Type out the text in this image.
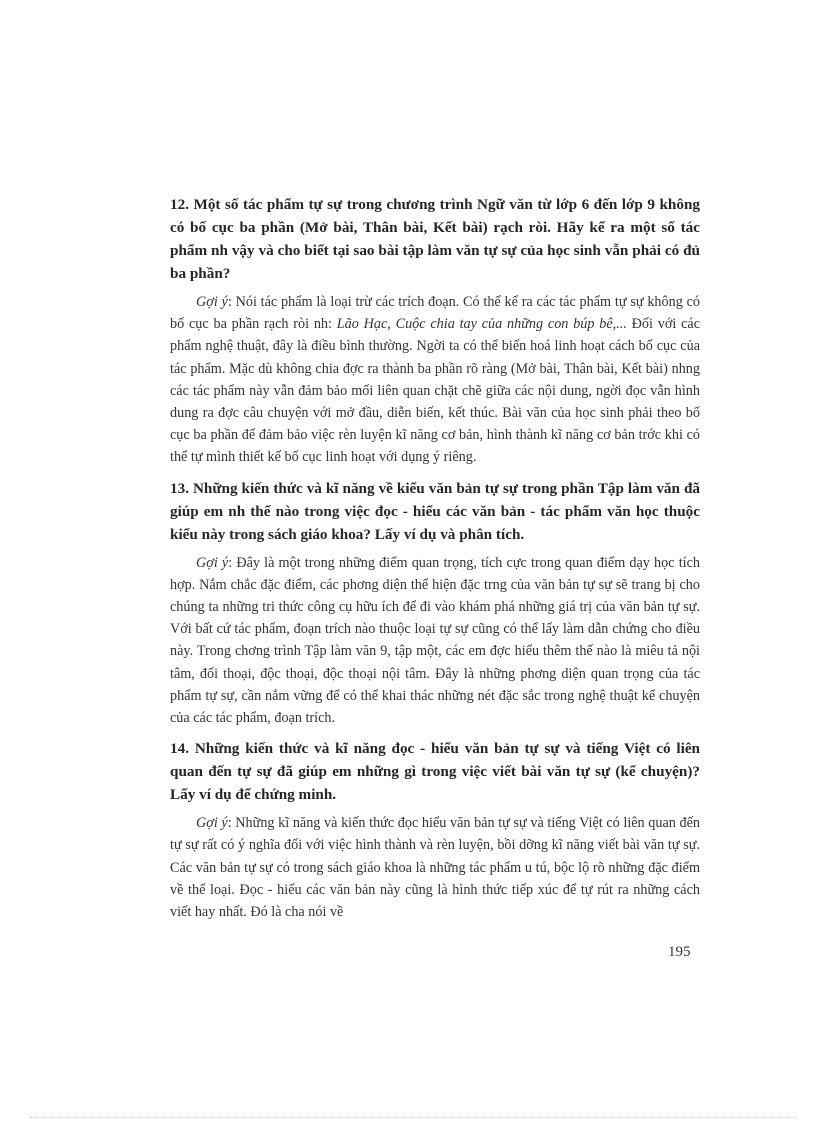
12. Một số tác phẩm tự sự trong chương trình Ngữ văn từ lớp 6 đến lớp 9 không có bố cục ba phần (Mở bài, Thân bài, Kết bài) rạch ròi. Hãy kể ra một số tác phẩm nh vậy và cho biết tại sao bài tập làm văn tự sự của học sinh vẫn phải có đủ ba phần?

Gợi ý: Nói tác phẩm là loại trừ các trích đoạn. Có thể kể ra các tác phẩm tự sự không có bố cục ba phần rạch ròi nh: Lão Hạc, Cuộc chia tay của những con búp bê,... Đối với các phẩm nghệ thuật, đây là điều bình thường. Ngời ta có thể biến hoá linh hoạt cách bố cục của tác phẩm. Mặc dù không chia đợc ra thành ba phần rõ ràng (Mở bài, Thân bài, Kết bài) nhng các tác phẩm này vẫn đảm bảo mối liên quan chặt chẽ giữa các nội dung, ngời đọc vẫn hình dung ra đợc câu chuyện với mở đầu, diễn biến, kết thúc. Bài văn của học sinh phải theo bố cục ba phần để đảm bảo việc rèn luyện kĩ năng cơ bản, hình thành kĩ năng cơ bản trớc khi có thể tự mình thiết kế bố cục linh hoạt với dụng ý riêng.

13. Những kiến thức và kĩ năng về kiểu văn bản tự sự trong phần Tập làm văn đã giúp em nh thế nào trong việc đọc - hiểu các văn bản - tác phẩm văn học thuộc kiểu này trong sách giáo khoa? Lấy ví dụ và phân tích.

Gợi ý: Đây là một trong những điểm quan trọng, tích cực trong quan điểm dạy học tích hợp. Nắm chắc đặc điểm, các phơng diện thể hiện đặc trng của văn bản tự sự sẽ trang bị cho chúng ta những tri thức công cụ hữu ích để đi vào khám phá những giá trị của văn bản tự sự. Với bất cứ tác phẩm, đoạn trích nào thuộc loại tự sự cũng có thể lấy làm dẫn chứng cho điều này. Trong chơng trình Tập làm văn 9, tập một, các em đợc hiểu thêm thế nào là miêu tả nội tâm, đối thoại, độc thoại, độc thoại nội tâm. Đây là những phơng diện quan trọng của tác phẩm tự sự, cần nắm vững để có thể khai thác những nét đặc sắc trong nghệ thuật kể chuyện của các tác phẩm, đoạn trích.

14. Những kiến thức và kĩ năng đọc - hiểu văn bản tự sự và tiếng Việt có liên quan đến tự sự đã giúp em những gì trong việc viết bài văn tự sự (kể chuyện)? Lấy ví dụ để chứng minh.

Gợi ý: Những kĩ năng và kiến thức đọc hiểu văn bản tự sự và tiếng Việt có liên quan đến tự sự rất có ý nghĩa đối với việc hình thành và rèn luyện, bồi dỡng kĩ năng viết bài văn tự sự. Các văn bản tự sự có trong sách giáo khoa là những tác phẩm u tú, bộc lộ rõ những đặc điểm về thể loại. Đọc - hiểu các văn bản này cũng là hình thức tiếp xúc để tự rút ra những cách viết hay nhất. Đó là cha nói về

195
